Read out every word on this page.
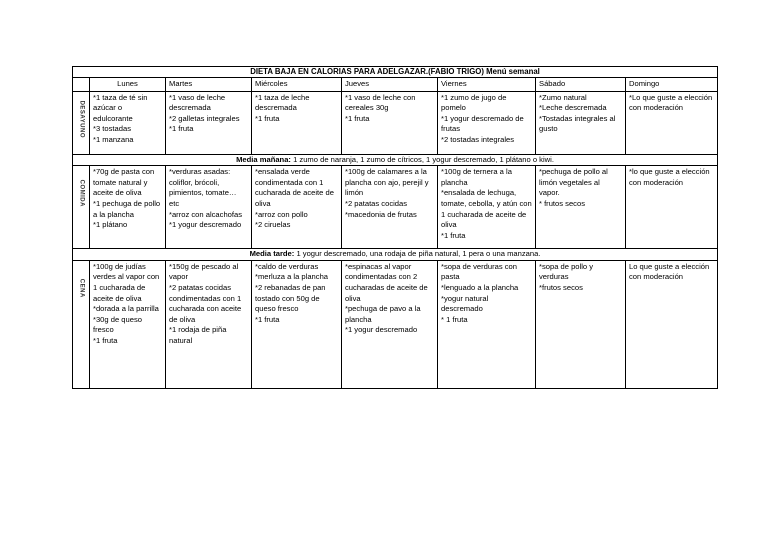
DIETA BAJA EN CALORIAS PARA ADELGAZAR.(FABIO TRIGO) Menú semanal							
	Lunes	Martes	Miércoles	Jueves	Viernes	Sábado	Domingo

DESAYUNO	*1 taza de té sin azúcar o edulcorante
*3 tostadas
*1 manzana	*1 vaso de leche descremada
*2 galletas integrales
*1 fruta	*1 taza de leche descremada
*1 fruta	*1 vaso de leche con cereales 30g
*1 fruta	*1 zumo de jugo de pomelo
*1 yogur descremado de frutas
*2 tostadas integrales	*Zumo natural
*Leche descremada
*Tostadas integrales al gusto	*Lo que guste a elección con moderación
Media mañana: 1 zumo de naranja, 1 zumo de cítricos, 1 yogur descremado, 1 plátano o kiwi.							

COMIDA	*70g de pasta con tomate natural y aceite de oliva
*1 pechuga de pollo a la plancha
*1 plátano	*verduras asadas: coliflor, brócoli, pimientos, tomate… etc
*arroz con alcachofas
*1 yogur descremado	*ensalada verde condimentada con 1 cucharada de aceite de oliva
*arroz con pollo
*2 ciruelas	*100g de calamares a la plancha con ajo, perejil y limón
*2 patatas cocidas
*macedonia de frutas	*100g de ternera a la plancha
*ensalada de lechuga, tomate, cebolla, y atún con 1 cucharada de aceite de oliva
*1 fruta	*pechuga de pollo al limón vegetales al vapor.
* frutos secos	*lo que guste a elección con moderación
Media tarde: 1 yogur descremado, una rodaja de piña natural, 1 pera o una manzana.							

CENA	*100g de judías verdes al vapor con 1 cucharada de aceite de oliva
*dorada a la parrilla
*30g de queso fresco
*1 fruta	*150g de pescado al vapor
*2 patatas cocidas condimentadas con 1 cucharada con aceite de oliva
*1 rodaja de piña natural	*caldo de verduras
*merluza a la plancha
*2 rebanadas de pan tostado con 50g de queso fresco
*1 fruta	*espinacas al vapor condimentadas con 2 cucharadas de aceite de oliva
*pechuga de pavo a la plancha
*1 yogur descremado	*sopa de verduras con pasta
*lenguado a la plancha
*yogur natural descremado
* 1 fruta	*sopa de pollo y verduras
*frutos secos	Lo que guste a elección con moderación
